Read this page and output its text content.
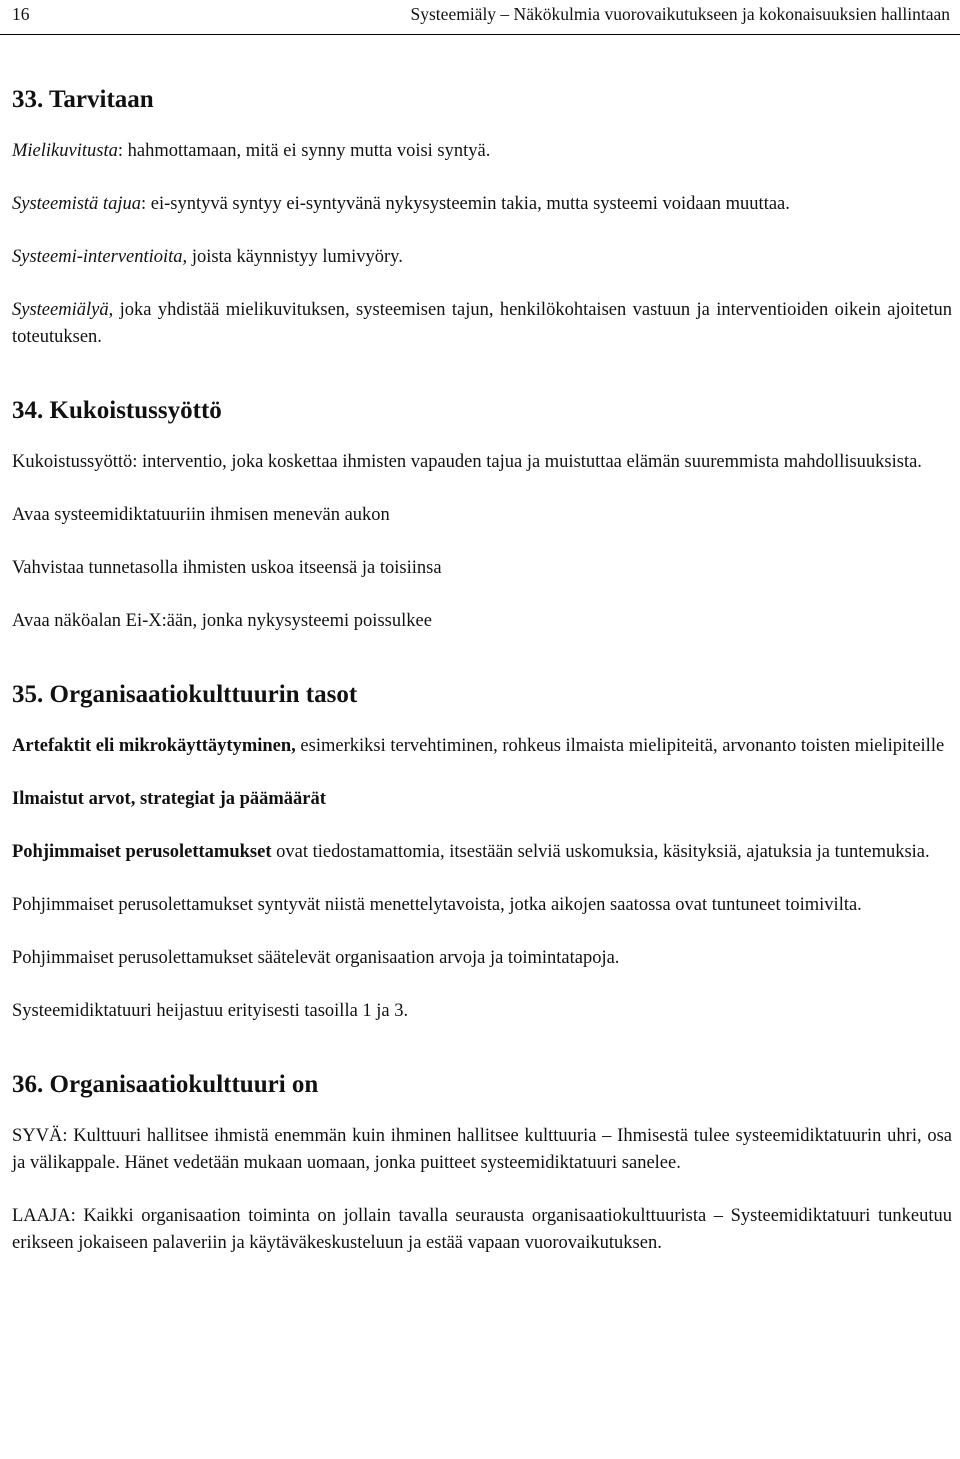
16	Systeemiäly – Näkökulmia vuorovaikutukseen ja kokonaisuuksien hallintaan
33. Tarvitaan

Mielikuvitusta: hahmottamaan, mitä ei synny mutta voisi syntyä.

Systeemistä tajua: ei-syntyvä syntyy ei-syntyvänä nykysysteemin takia, mutta systeemi voidaan muuttaa.

Systeemi-interventioita, joista käynnistyy lumivyöry.

Systeemiälyä, joka yhdistää mielikuvituksen, systeemisen tajun, henkilökohtaisen vastuun ja interventioiden oikein ajoitetun toteutuksen.

34. Kukoistussyöttö

Kukoistussyöttö: interventio, joka koskettaa ihmisten vapauden tajua ja muistuttaa elämän suuremmista mahdollisuuksista.

Avaa systeemidiktatuuriin ihmisen menevän aukon

Vahvistaa tunnetasolla ihmisten uskoa itseensä ja toisiinsa

Avaa näköalan Ei-X:ään, jonka nykysysteemi poissulkee

35. Organisaatiokulttuurin tasot

Artefaktit eli mikrokäyttäytyminen, esimerkiksi tervehtiminen, rohkeus ilmaista mielipiteitä, arvonanto toisten mielipiteille

Ilmaistut arvot, strategiat ja päämäärät

Pohjimmaiset perusolettamukset ovat tiedostamattomia, itsestään selviä uskomuksia, käsityksiä, ajatuksia ja tuntemuksia.

Pohjimmaiset perusolettamukset syntyvät niistä menettelytavoista, jotka aikojen saatossa ovat tuntuneet toimivilta.

Pohjimmaiset perusolettamukset säätelevät organisaation arvoja ja toimintatapoja.

Systeemidiktatuuri heijastuu erityisesti tasoilla 1 ja 3.

36. Organisaatiokulttuuri on

SYVÄ: Kulttuuri hallitsee ihmistä enemmän kuin ihminen hallitsee kulttuuria – Ihmisestä tulee systeemidiktatuurin uhri, osa ja välikappale. Hänet vedetään mukaan uomaan, jonka puitteet systeemidiktatuuri sanelee.

LAAJA: Kaikki organisaation toiminta on jollain tavalla seurausta organisaatiokulttuurista – Systeemidiktatuuri tunkeutuu erikseen jokaiseen palaveriin ja käytäväkeskusteluun ja estää vapaan vuorovaikutuksen.
